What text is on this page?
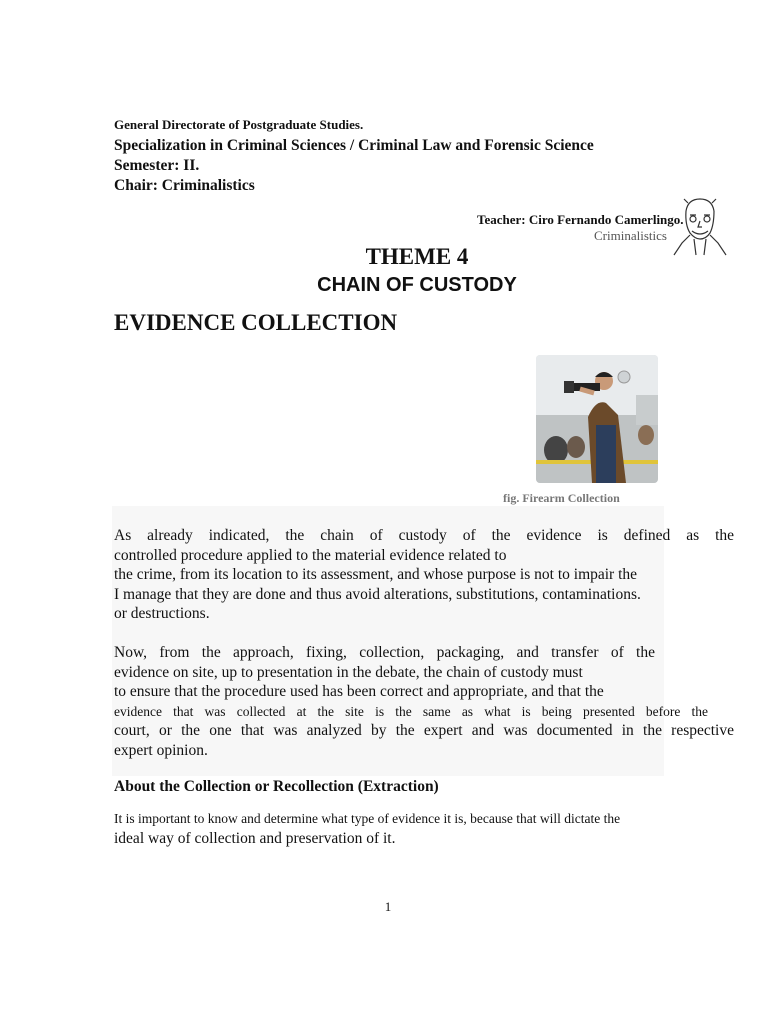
General Directorate of Postgraduate Studies.
Specialization in Criminal Sciences / Criminal Law and Forensic Science
Semester: II.
Chair: Criminalistics
Teacher: Ciro Fernando Camerlingo.
Criminalistics
THEME 4
CHAIN OF CUSTODY
EVIDENCE COLLECTION
fig. Firearm Collection
As already indicated, the chain of custody of the evidence is defined as the
controlled procedure applied to the material evidence related to
the crime, from its location to its assessment, and whose purpose is not to impair the
I manage that they are done and thus avoid alterations, substitutions, contaminations.
or destructions.
Now, from the approach, fixing, collection, packaging, and transfer of the
evidence on site, up to presentation in the debate, the chain of custody must
to ensure that the procedure used has been correct and appropriate, and that the
evidence that was collected at the site is the same as what is being presented before the
court, or the one that was analyzed by the expert and was documented in the respective
expert opinion.
About the Collection or Recollection (Extraction)
It is important to know and determine what type of evidence it is, because that will dictate the
ideal way of collection and preservation of it.
1
